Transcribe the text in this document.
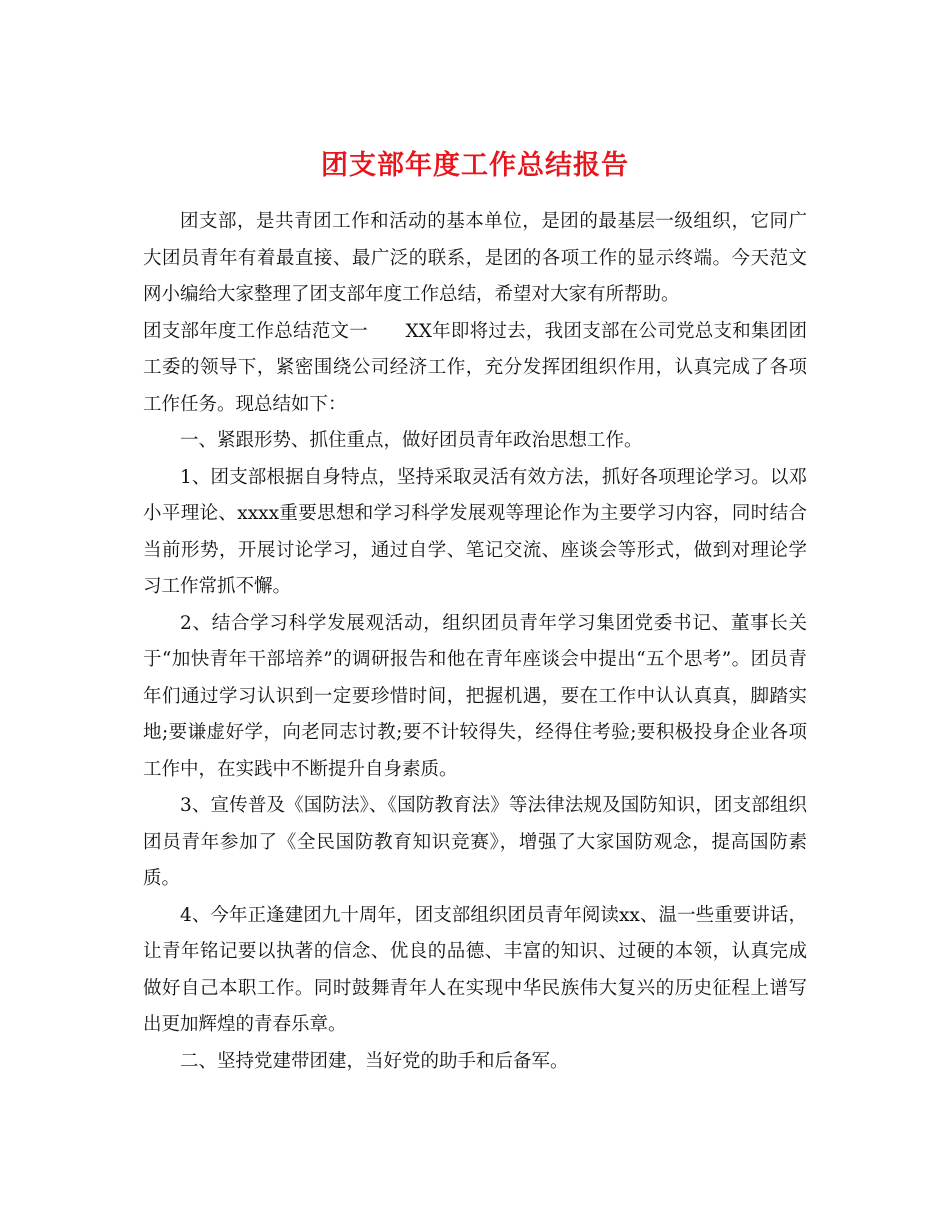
团支部年度工作总结报告

团支部，是共青团工作和活动的基本单位，是团的最基层一级组织，它同广大团员青年有着最直接、最广泛的联系，是团的各项工作的显示终端。今天范文网小编给大家整理了团支部年度工作总结，希望对大家有所帮助。

团支部年度工作总结范文一　　XX年即将过去，我团支部在公司党总支和集团团工委的领导下，紧密围绕公司经济工作，充分发挥团组织作用，认真完成了各项工作任务。现总结如下：

一、紧跟形势、抓住重点，做好团员青年政治思想工作。

1、团支部根据自身特点，坚持采取灵活有效方法，抓好各项理论学习。以邓小平理论、xxxx重要思想和学习科学发展观等理论作为主要学习内容，同时结合当前形势，开展讨论学习，通过自学、笔记交流、座谈会等形式，做到对理论学习工作常抓不懈。

2、结合学习科学发展观活动，组织团员青年学习集团党委书记、董事长关于“加快青年干部培养”的调研报告和他在青年座谈会中提出“五个思考”。团员青年们通过学习认识到一定要珍惜时间，把握机遇，要在工作中认认真真，脚踏实地;要谦虚好学，向老同志讨教;要不计较得失，经得住考验;要积极投身企业各项工作中，在实践中不断提升自身素质。

3、宣传普及《国防法》、《国防教育法》等法律法规及国防知识，团支部组织团员青年参加了《全民国防教育知识竞赛》，增强了大家国防观念，提高国防素质。

4、今年正逢建团九十周年，团支部组织团员青年阅读xx、温一些重要讲话，让青年铭记要以执著的信念、优良的品德、丰富的知识、过硬的本领，认真完成做好自己本职工作。同时鼓舞青年人在实现中华民族伟大复兴的历史征程上谱写出更加辉煌的青春乐章。

二、坚持党建带团建，当好党的助手和后备军。
